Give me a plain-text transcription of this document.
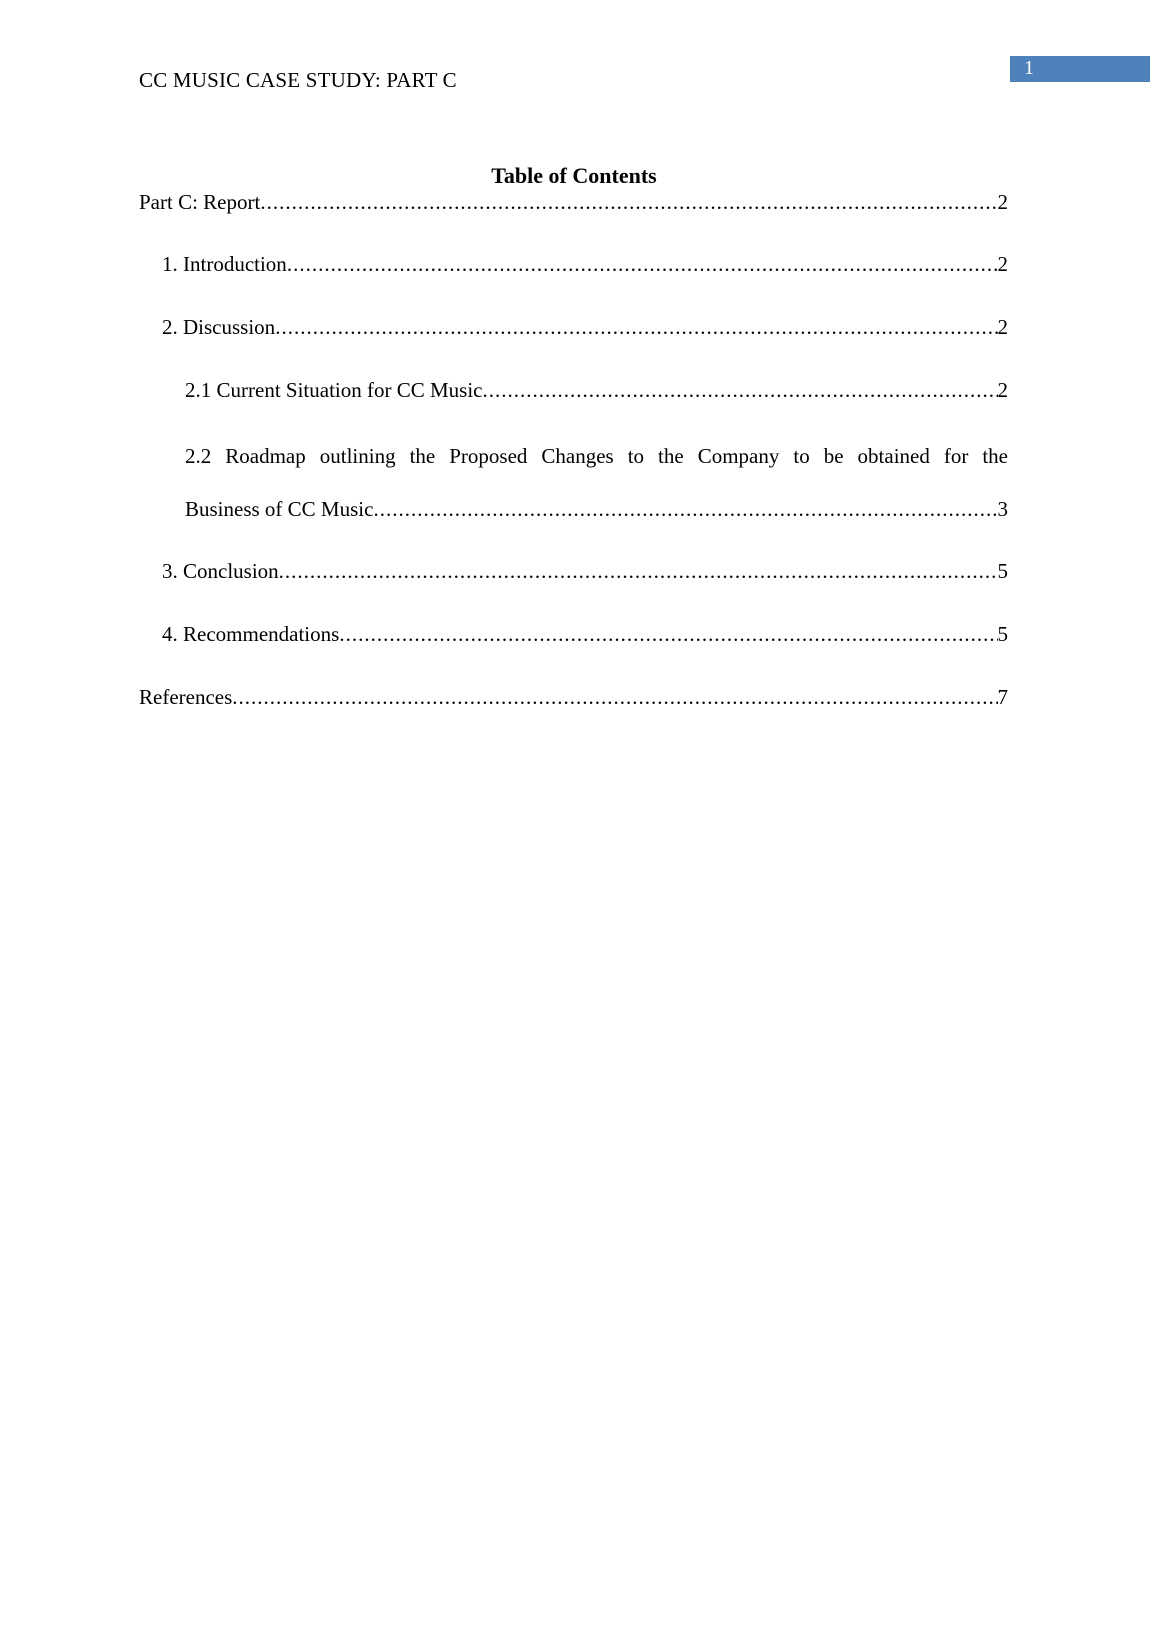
CC MUSIC CASE STUDY: PART C	1
Table of Contents
Part C: Report .....	2
1. Introduction .....	2
2. Discussion .....	2
2.1 Current Situation for CC Music .....	2
2.2 Roadmap outlining the Proposed Changes to the Company to be obtained for the
Business of CC Music .....	3
3. Conclusion .....	5
4. Recommendations .....	5
References .....	7
